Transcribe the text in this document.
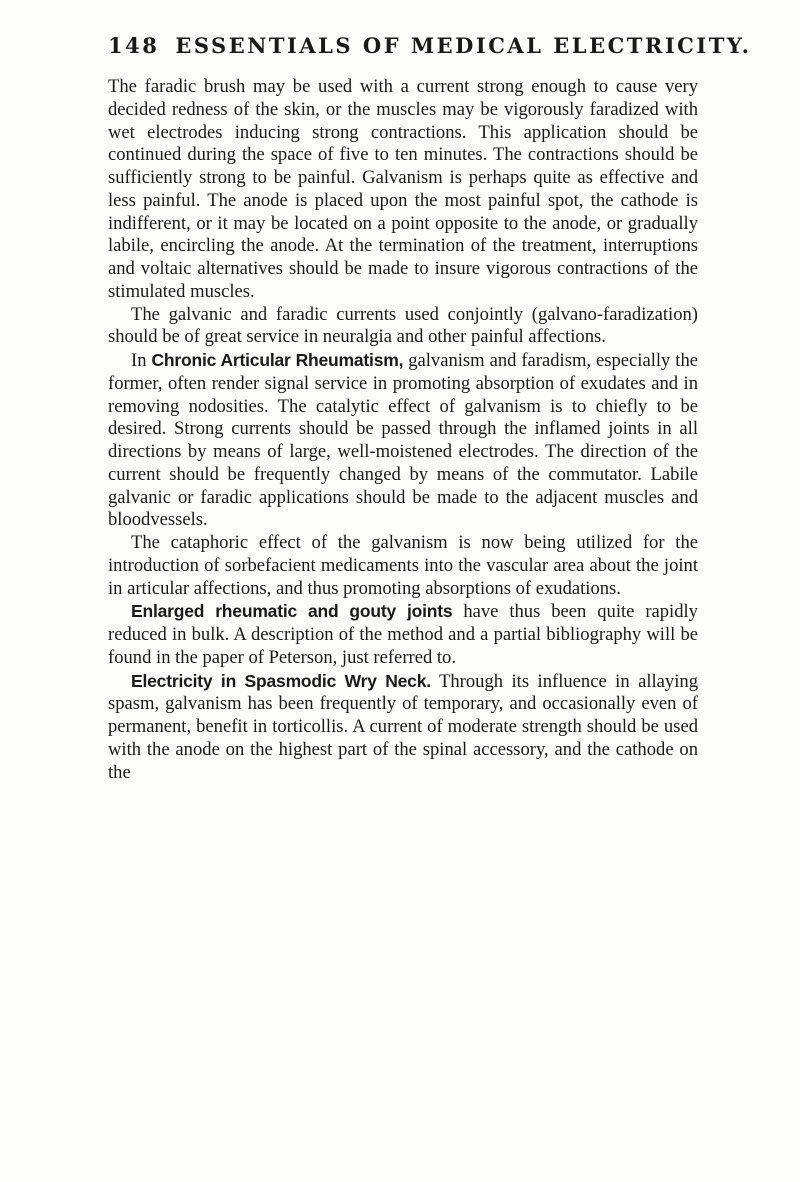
148 ESSENTIALS OF MEDICAL ELECTRICITY.

The faradic brush may be used with a current strong enough to cause very decided redness of the skin, or the muscles may be vigorously faradized with wet electrodes inducing strong contractions. This application should be continued during the space of five to ten minutes. The contractions should be sufficiently strong to be painful. Galvanism is perhaps quite as effective and less painful. The anode is placed upon the most painful spot, the cathode is indifferent, or it may be located on a point opposite to the anode, or gradually labile, encircling the anode. At the termination of the treatment, interruptions and voltaic alternatives should be made to insure vigorous contractions of the stimulated muscles.

The galvanic and faradic currents used conjointly (galvano-faradization) should be of great service in neuralgia and other painful affections.

In Chronic Articular Rheumatism, galvanism and faradism, especially the former, often render signal service in promoting absorption of exudates and in removing nodosities. The catalytic effect of galvanism is to chiefly to be desired. Strong currents should be passed through the inflamed joints in all directions by means of large, well-moistened electrodes. The direction of the current should be frequently changed by means of the commutator. Labile galvanic or faradic applications should be made to the adjacent muscles and bloodvessels.

The cataphoric effect of the galvanism is now being utilized for the introduction of sorbefacient medicaments into the vascular area about the joint in articular affections, and thus promoting absorptions of exudations.

Enlarged rheumatic and gouty joints have thus been quite rapidly reduced in bulk. A description of the method and a partial bibliography will be found in the paper of Peterson, just referred to.

Electricity in Spasmodic Wry Neck. Through its influence in allaying spasm, galvanism has been frequently of temporary, and occasionally even of permanent, benefit in torticollis. A current of moderate strength should be used with the anode on the highest part of the spinal accessory, and the cathode on the
